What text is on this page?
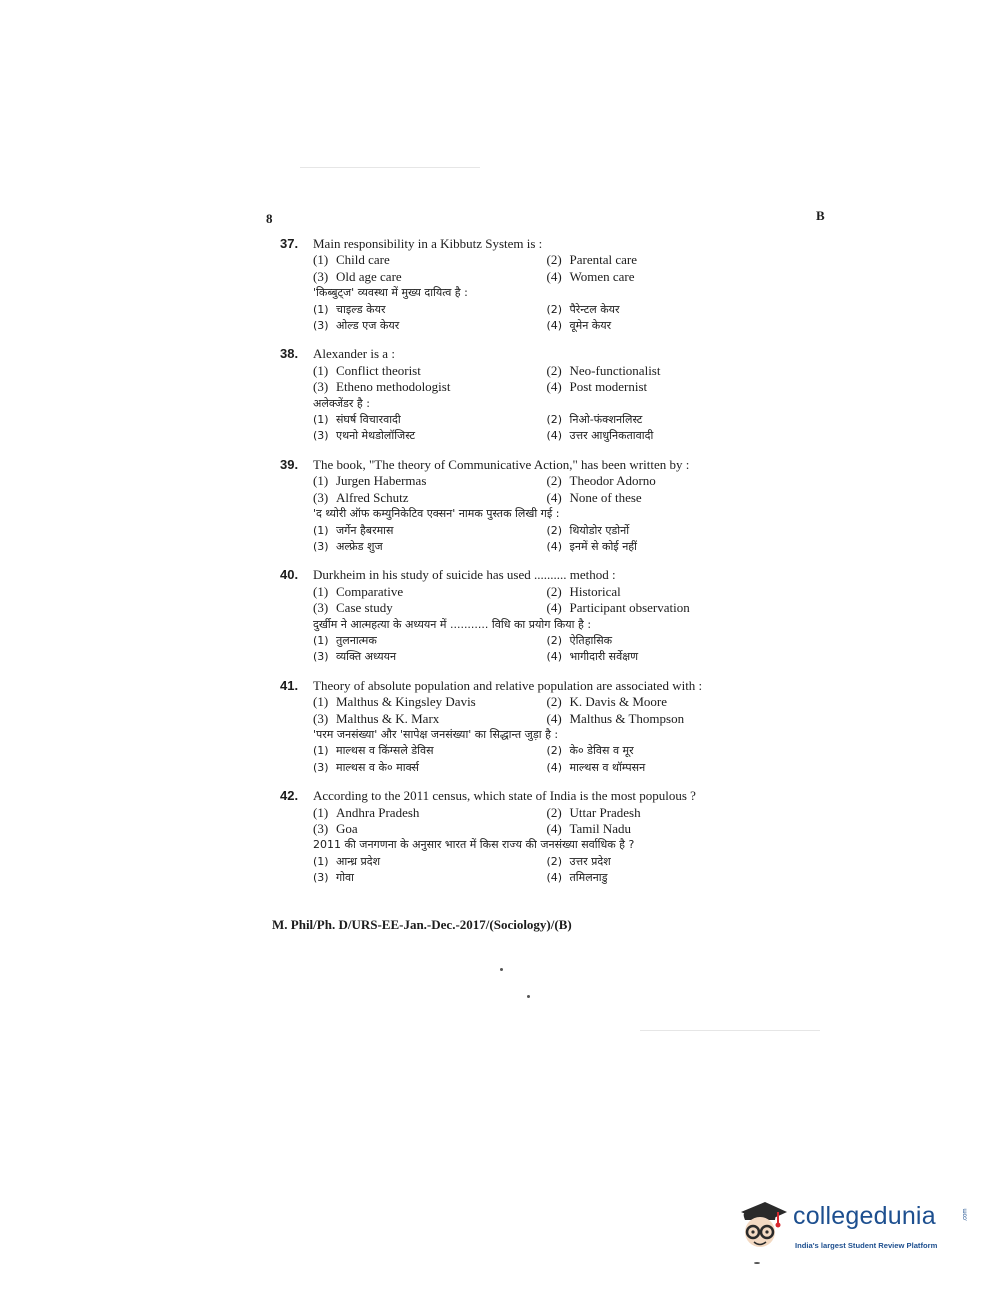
8	B
37. Main responsibility in a Kibbutz System is :
(1) Child care	(2) Parental care
(3) Old age care	(4) Women care
'किब्बुट्ज' व्यवस्था में मुख्य दायित्व है :
(1) चाइल्ड केयर	(2) पैरेन्टल केयर
(3) ओल्ड एज केयर	(4) वूमेन केयर
38. Alexander is a :
(1) Conflict theorist	(2) Neo-functionalist
(3) Etheno methodologist	(4) Post modernist
अलेक्जेंडर है :
(1) संघर्ष विचारवादी	(2) निओ-फंक्शनलिस्ट
(3) एथनो मेथडोलॉजिस्ट	(4) उत्तर आधुनिकतावादी
39. The book, "The theory of Communicative Action," has been written by :
(1) Jurgen Habermas	(2) Theodor Adorno
(3) Alfred Schutz	(4) None of these
'द थ्योरी ऑफ कम्युनिकेटिव एक्सन' नामक पुस्तक लिखी गई :
(1) जर्गेन हैबरमास	(2) थियोडोर एडोर्नो
(3) अल्फ्रेड शुज	(4) इनमें से कोई नहीं
40. Durkheim in his study of suicide has used .......... method :
(1) Comparative	(2) Historical
(3) Case study	(4) Participant observation
दुर्खीम ने आत्महत्या के अध्ययन में ........... विधि का प्रयोग किया है :
(1) तुलनात्मक	(2) ऐतिहासिक
(3) व्यक्ति अध्ययन	(4) भागीदारी सर्वेक्षण
41. Theory of absolute population and relative population are associated with :
(1) Malthus & Kingsley Davis	(2) K. Davis & Moore
(3) Malthus & K. Marx	(4) Malthus & Thompson
'परम जनसंख्या' और 'सापेक्ष जनसंख्या' का सिद्धान्त जुड़ा है :
(1) माल्थस व किंग्सले डेविस	(2) के० डेविस व मूर
(3) माल्थस व के० मार्क्स	(4) माल्थस व थॉम्पसन
42. According to the 2011 census, which state of India is the most populous ?
(1) Andhra Pradesh	(2) Uttar Pradesh
(3) Goa	(4) Tamil Nadu
2011 की जनगणना के अनुसार भारत में किस राज्य की जनसंख्या सर्वाधिक है ?
(1) आन्ध्र प्रदेश	(2) उत्तर प्रदेश
(3) गोवा	(4) तमिलनाडु
M. Phil/Ph. D/URS-EE-Jan.-Dec.-2017/(Sociology)/(B)
collegedunia	.com
India's largest Student Review Platform
